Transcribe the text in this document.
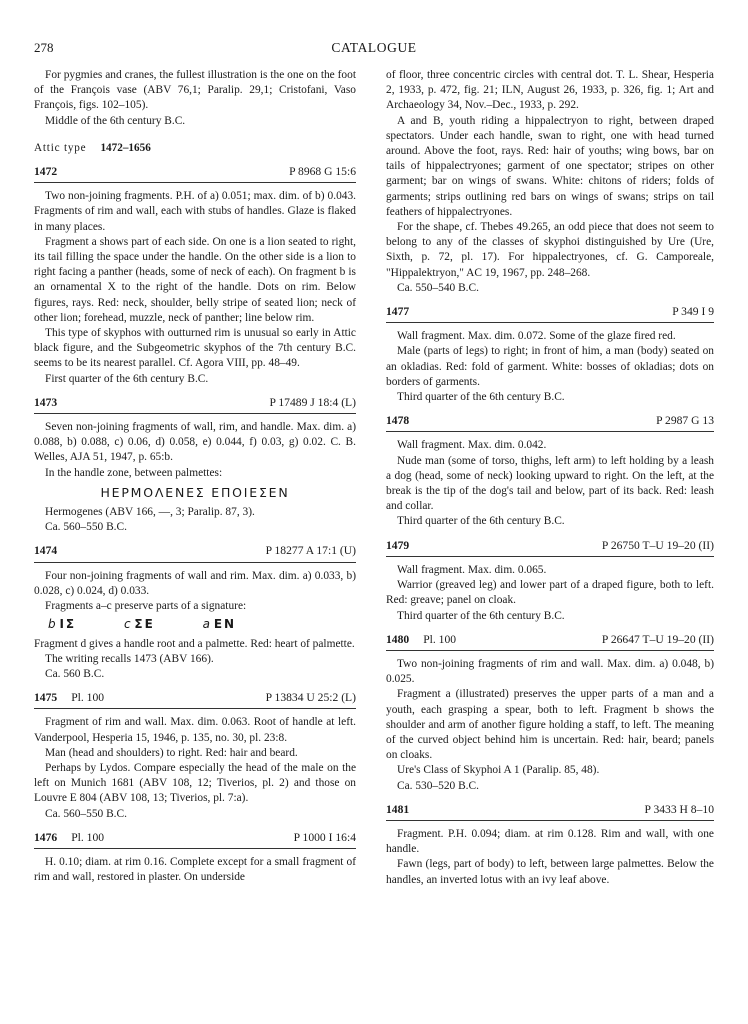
278	CATALOGUE

For pygmies and cranes, the fullest illustration is the one on the foot of the François vase (ABV 76,1; Paralip. 29,1; Cristofani, Vaso François, figs. 102–105).

Middle of the 6th century B.C.

Attic type 1472–1656
1472	P 8968 G 15:6

Two non-joining fragments. P.H. of a) 0.051; max. dim. of b) 0.043. Fragments of rim and wall, each with stubs of handles. Glaze is flaked in many places.

Fragment a shows part of each side. On one is a lion seated to right, its tail filling the space under the handle. On the other side is a lion to right facing a panther (heads, some of neck of each). On fragment b is an ornamental X to the right of the handle. Dots on rim. Below figures, rays. Red: neck, shoulder, belly stripe of seated lion; neck of other lion; forehead, muzzle, neck of panther; line below rim.

This type of skyphos with outturned rim is unusual so early in Attic black figure, and the Subgeometric skyphos of the 7th century B.C. seems to be its nearest parallel. Cf. Agora VIII, pp. 48–49.

First quarter of the 6th century B.C.

1473	P 17489 J 18:4 (L)

Seven non-joining fragments of wall, rim, and handle. Max. dim. a) 0.088, b) 0.088, c) 0.06, d) 0.058, e) 0.044, f) 0.03, g) 0.02. C. B. Welles, AJA 51, 1947, p. 65:b.

In the handle zone, between palmettes:

ΗΕΡΜΟΛΕΝΕΣ ΕΠΟΙΕΣΕΝ

Hermogenes (ABV 166, —, 3; Paralip. 87, 3).

Ca. 560–550 B.C.

1474	P 18277 A 17:1 (U)

Four non-joining fragments of wall and rim. Max. dim. a) 0.033, b) 0.028, c) 0.024, d) 0.033.

Fragments a–c preserve parts of a signature:

b ΙΣ	c ΣΕ	a ΕΝ

Fragment d gives a handle root and a palmette. Red: heart of palmette.

The writing recalls 1473 (ABV 166).

Ca. 560 B.C.

1475 Pl. 100	P 13834 U 25:2 (L)

Fragment of rim and wall. Max. dim. 0.063. Root of handle at left. Vanderpool, Hesperia 15, 1946, p. 135, no. 30, pl. 23:8.

Man (head and shoulders) to right. Red: hair and beard.

Perhaps by Lydos. Compare especially the head of the male on the left on Munich 1681 (ABV 108, 12; Tiverios, pl. 2) and those on Louvre E 804 (ABV 108, 13; Tiverios, pl. 7:a).

Ca. 560–550 B.C.

1476 Pl. 100	P 1000 I 16:4

H. 0.10; diam. at rim 0.16. Complete except for a small fragment of rim and wall, restored in plaster. On underside

of floor, three concentric circles with central dot. T. L. Shear, Hesperia 2, 1933, p. 472, fig. 21; ILN, August 26, 1933, p. 326, fig. 1; Art and Archaeology 34, Nov.–Dec., 1933, p. 292.

A and B, youth riding a hippalectryon to right, between draped spectators. Under each handle, swan to right, one with head turned around. Above the foot, rays. Red: hair of youths; wing bows, bar on tails of hippalectryones; garment of one spectator; stripes on other garment; bar on wings of swans. White: chitons of riders; folds of garments; strips outlining red bars on wings of swans; strips on tail feathers of hippalectryones.

For the shape, cf. Thebes 49.265, an odd piece that does not seem to belong to any of the classes of skyphoi distinguished by Ure (Ure, Sixth, p. 72, pl. 17). For hippalectryones, cf. G. Camporeale, "Hippalektryon," AC 19, 1967, pp. 248–268.

Ca. 550–540 B.C.

1477	P 349 I 9

Wall fragment. Max. dim. 0.072. Some of the glaze fired red.

Male (parts of legs) to right; in front of him, a man (body) seated on an okladias. Red: fold of garment. White: bosses of okladias; dots on borders of garments.

Third quarter of the 6th century B.C.

1478	P 2987 G 13

Wall fragment. Max. dim. 0.042.

Nude man (some of torso, thighs, left arm) to left holding by a leash a dog (head, some of neck) looking upward to right. On the left, at the break is the tip of the dog's tail and below, part of its back. Red: leash and collar.

Third quarter of the 6th century B.C.

1479	P 26750 T–U 19–20 (II)

Wall fragment. Max. dim. 0.065.

Warrior (greaved leg) and lower part of a draped figure, both to left. Red: greave; panel on cloak.

Third quarter of the 6th century B.C.

1480 Pl. 100	P 26647 T–U 19–20 (II)

Two non-joining fragments of rim and wall. Max. dim. a) 0.048, b) 0.025.

Fragment a (illustrated) preserves the upper parts of a man and a youth, each grasping a spear, both to left. Fragment b shows the shoulder and arm of another figure holding a staff, to left. The meaning of the curved object behind him is uncertain. Red: hair, beard; panels on cloaks.

Ure's Class of Skyphoi A 1 (Paralip. 85, 48).

Ca. 530–520 B.C.

1481	P 3433 H 8–10

Fragment. P.H. 0.094; diam. at rim 0.128. Rim and wall, with one handle.

Fawn (legs, part of body) to left, between large palmettes. Below the handles, an inverted lotus with an ivy leaf above.
